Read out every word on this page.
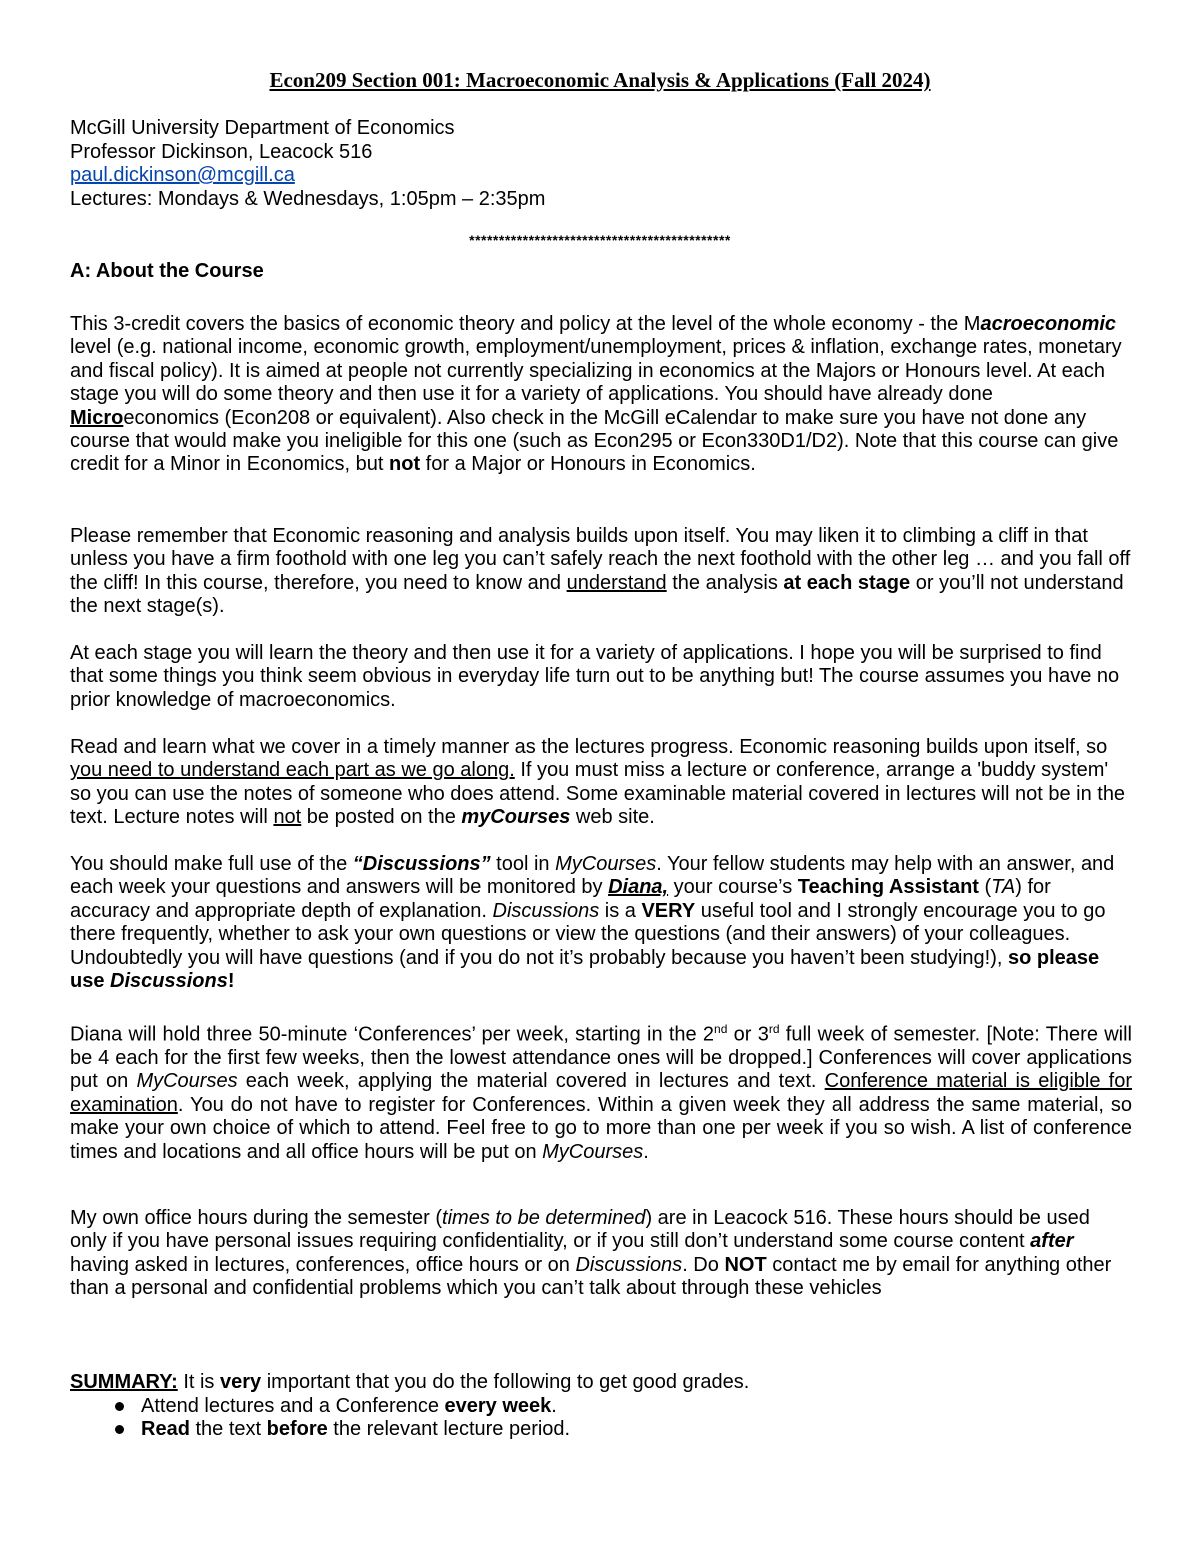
Econ209 Section 001: Macroeconomic Analysis & Applications (Fall 2024)
McGill University Department of Economics
Professor Dickinson, Leacock 516
paul.dickinson@mcgill.ca
Lectures: Mondays & Wednesdays, 1:05pm – 2:35pm
********************************************
A: About the Course

This 3-credit covers the basics of economic theory and policy at the level of the whole economy - the Macroeconomic level (e.g. national income, economic growth, employment/unemployment, prices & inflation, exchange rates, monetary and fiscal policy). It is aimed at people not currently specializing in economics at the Majors or Honours level. At each stage you will do some theory and then use it for a variety of applications. You should have already done Microeconomics (Econ208 or equivalent). Also check in the McGill eCalendar to make sure you have not done any course that would make you ineligible for this one (such as Econ295 or Econ330D1/D2). Note that this course can give credit for a Minor in Economics, but not for a Major or Honours in Economics.

Please remember that Economic reasoning and analysis builds upon itself. You may liken it to climbing a cliff in that unless you have a firm foothold with one leg you can’t safely reach the next foothold with the other leg … and you fall off the cliff! In this course, therefore, you need to know and understand the analysis at each stage or you’ll not understand the next stage(s).

At each stage you will learn the theory and then use it for a variety of applications. I hope you will be surprised to find that some things you think seem obvious in everyday life turn out to be anything but! The course assumes you have no prior knowledge of macroeconomics.

Read and learn what we cover in a timely manner as the lectures progress. Economic reasoning builds upon itself, so you need to understand each part as we go along. If you must miss a lecture or conference, arrange a 'buddy system' so you can use the notes of someone who does attend. Some examinable material covered in lectures will not be in the text. Lecture notes will not be posted on the myCourses web site.

You should make full use of the “Discussions” tool in MyCourses. Your fellow students may help with an answer, and each week your questions and answers will be monitored by Diana, your course’s Teaching Assistant (TA) for accuracy and appropriate depth of explanation. Discussions is a VERY useful tool and I strongly encourage you to go there frequently, whether to ask your own questions or view the questions (and their answers) of your colleagues. Undoubtedly you will have questions (and if you do not it’s probably because you haven’t been studying!), so please use Discussions!

Diana will hold three 50-minute ‘Conferences’ per week, starting in the 2nd or 3rd full week of semester. [Note: There will be 4 each for the first few weeks, then the lowest attendance ones will be dropped.] Conferences will cover applications put on MyCourses each week, applying the material covered in lectures and text. Conference material is eligible for examination. You do not have to register for Conferences. Within a given week they all address the same material, so make your own choice of which to attend. Feel free to go to more than one per week if you so wish. A list of conference times and locations and all office hours will be put on MyCourses.

My own office hours during the semester (times to be determined) are in Leacock 516. These hours should be used only if you have personal issues requiring confidentiality, or if you still don’t understand some course content after having asked in lectures, conferences, office hours or on Discussions. Do NOT contact me by email for anything other than a personal and confidential problems which you can’t talk about through these vehicles

SUMMARY: It is very important that you do the following to get good grades.
Attend lectures and a Conference every week.
Read the text before the relevant lecture period.
